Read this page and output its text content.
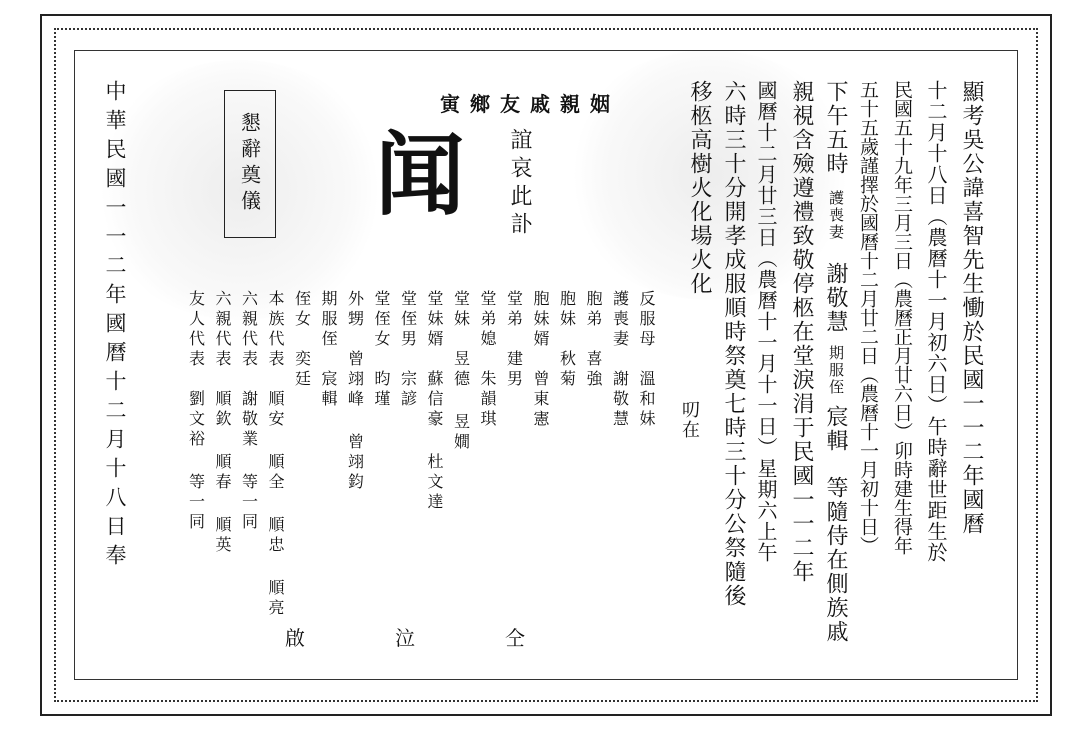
顯考吳公諱喜智先生慟於民國一一二年國曆
十二月十八日（農曆十一月初六日）午時辭世距生於
民國五十九年三月三日（農曆正月廿六日）卯時建生得年
五十五歲謹擇於國曆十二月廿二日（農曆十一月初十日）
下午五時
護喪妻
謝敬慧
期服侄
宸輯
等隨侍在側族戚
親視含殮遵禮致敬停柩在堂淚涓于民國一一二年
國曆十二月廿三日（農曆十一月十一日）星期六上午
六時三十分開孝成服順時祭奠七時三十分公祭隨後
移柩高樹火化場火化
叨在
姻親戚友鄉寅
闻 誼哀此訃
懇辭奠儀
反服母溫和妹
護喪妻謝敬慧
胞弟喜強
胞妹秋菊
胞妹婿曾東憲
堂弟建男
堂弟媳朱韻琪
堂妹昱德 昱嫺
堂妹婿蘇信豪 杜文達
堂侄男宗諺
堂侄女昀瑾
外甥曾翊峰 曾翊鈞
期服侄宸輯
侄女奕廷
本族代表順安 順全 順忠 順亮
六親代表謝敬業 等一同
六親代表順欽 順春 順英
友人代表劉文裕 等一同
中華民國一一二年國曆十二月十八日奉
仝
泣
啟
